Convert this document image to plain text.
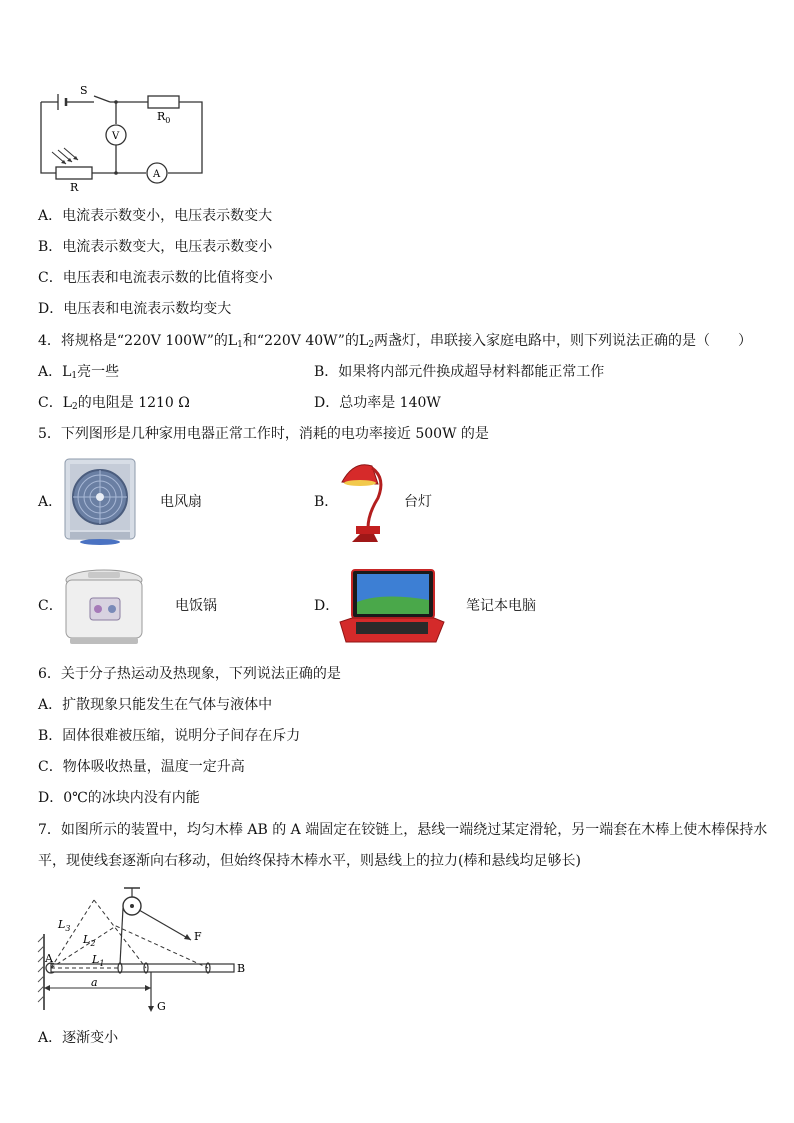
S
$R_0$
V
A
R
A．电流表示数变小，电压表示数变大
B．电流表示数变大，电压表示数变小
C．电压表和电流表示数的比值将变小
D．电压表和电流表示数均变大
4．将规格是“220V 100W”的$L_1$和“220V 40W”的$L_2$两盏灯，串联接入家庭电路中，则下列说法正确的是（　　）
A．$L_1$亮一些	B．如果将内部元件换成超导材料都能正常工作
C．$L_2$的电阻是 1210 Ω	D．总功率是 140W
5．下列图形是几种家用电器正常工作时，消耗的电功率接近 500W 的是
A．	电风扇	B．	台灯
C．	电饭锅	D．	笔记本电脑
6．关于分子热运动及热现象，下列说法正确的是
A．扩散现象只能发生在气体与液体中
B．固体很难被压缩，说明分子间存在斥力
C．物体吸收热量，温度一定升高
D．0℃的冰块内没有内能
7．如图所示的装置中，均匀木棒 AB 的 A 端固定在铰链上，悬线一端绕过某定滑轮，另一端套在木棒上使木棒保持水
平，现使线套逐渐向右移动，但始终保持木棒水平，则悬线上的拉力(棒和悬线均足够长)
$L_3$
$L_2$
$L_1$
A
B
F
G
a
A．逐渐变小
